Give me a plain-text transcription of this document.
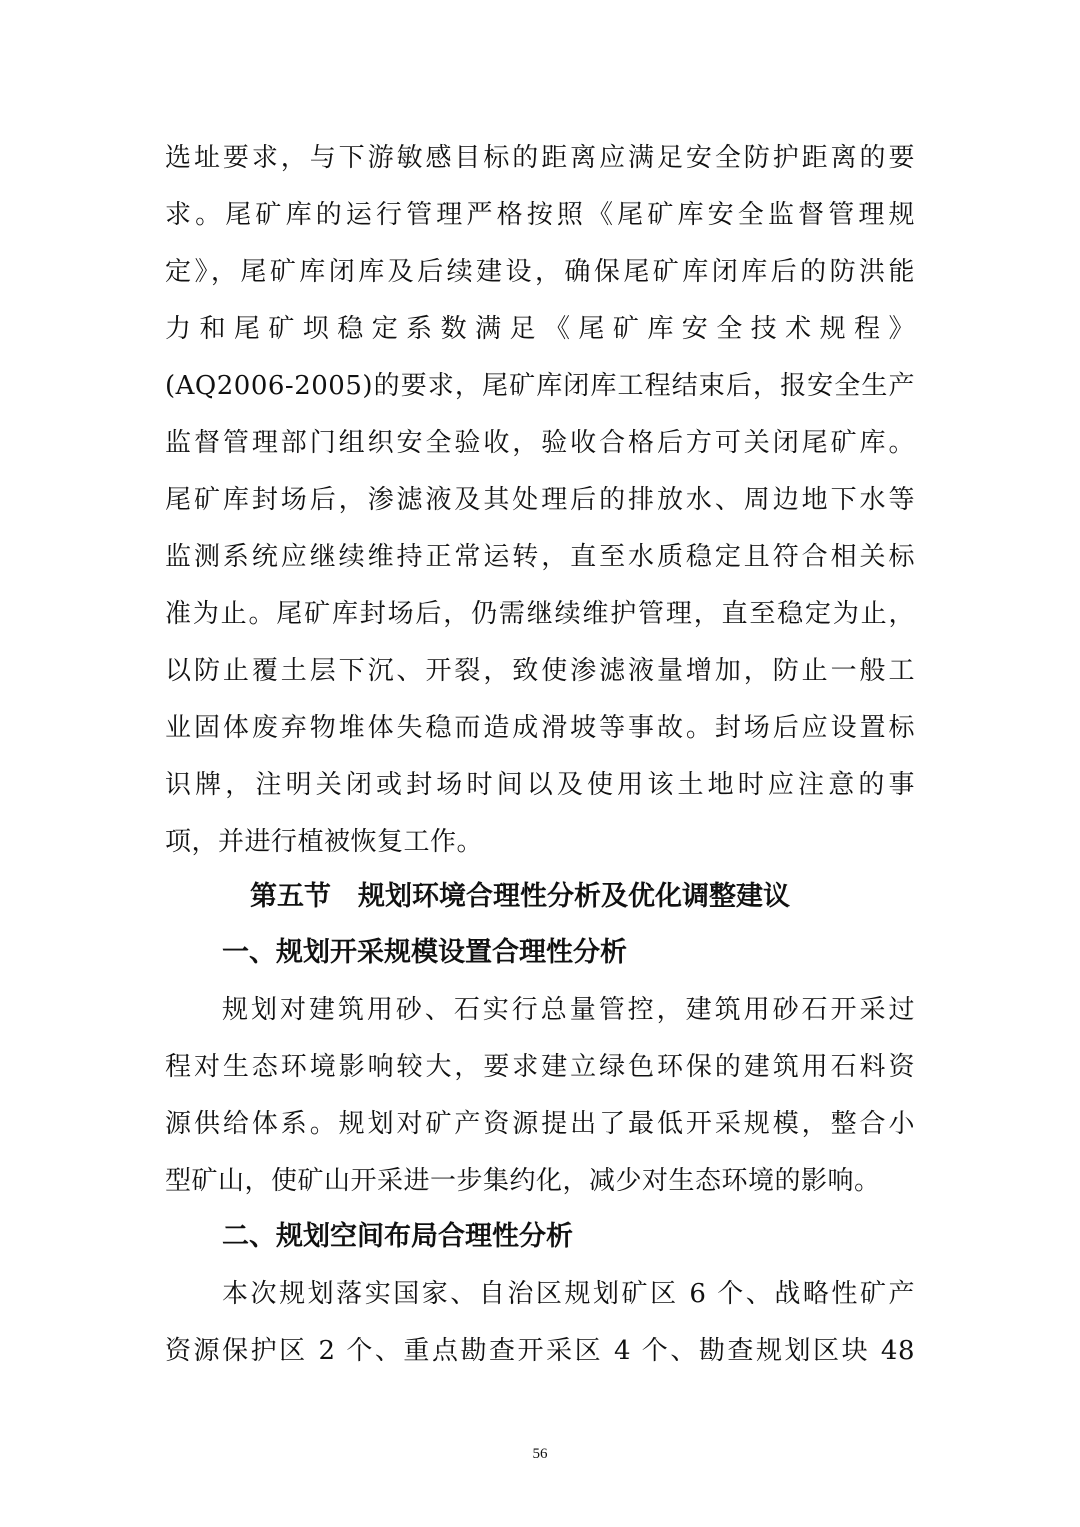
选址要求，与下游敏感目标的距离应满足安全防护距离的要
求。尾矿库的运行管理严格按照《尾矿库安全监督管理规
定》，尾矿库闭库及后续建设，确保尾矿库闭库后的防洪能
力和尾矿坝稳定系数满足《尾矿库安全技术规程》
(AQ2006-2005)的要求，尾矿库闭库工程结束后，报安全生产
监督管理部门组织安全验收，验收合格后方可关闭尾矿库。
尾矿库封场后，渗滤液及其处理后的排放水、周边地下水等
监测系统应继续维持正常运转，直至水质稳定且符合相关标
准为止。尾矿库封场后，仍需继续维护管理，直至稳定为止，
以防止覆土层下沉、开裂，致使渗滤液量增加，防止一般工
业固体废弃物堆体失稳而造成滑坡等事故。封场后应设置标
识牌，注明关闭或封场时间以及使用该土地时应注意的事
项，并进行植被恢复工作。
第五节　规划环境合理性分析及优化调整建议
一、规划开采规模设置合理性分析
规划对建筑用砂、石实行总量管控，建筑用砂石开采过
程对生态环境影响较大，要求建立绿色环保的建筑用石料资
源供给体系。规划对矿产资源提出了最低开采规模，整合小
型矿山，使矿山开采进一步集约化，减少对生态环境的影响。
二、规划空间布局合理性分析
本次规划落实国家、自治区规划矿区 6 个、战略性矿产
资源保护区 2 个、重点勘查开采区 4 个、勘查规划区块 48
56
